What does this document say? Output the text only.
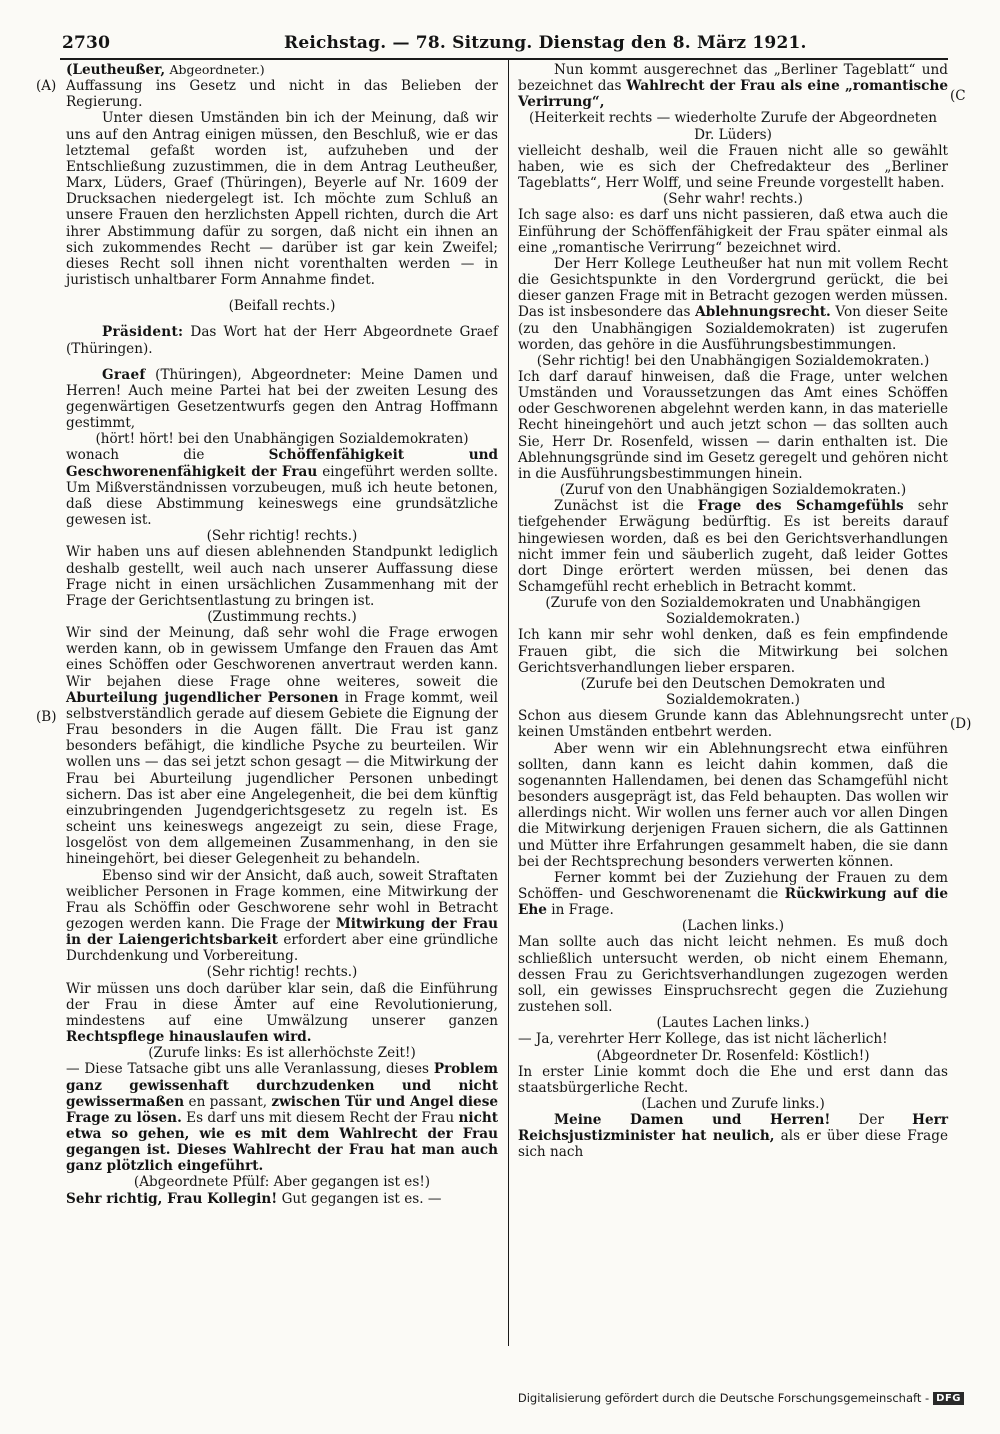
2730	Reichstag. — 78. Sitzung. Dienstag den 8. März 1921.
(A)
(B)
(C
(D)

(Leutheußer, Abgeordneter.)

Auffassung ins Gesetz und nicht in das Belieben der Regierung.

Unter diesen Umständen bin ich der Meinung, daß wir uns auf den Antrag einigen müssen, den Beschluß, wie er das letztemal gefaßt worden ist, aufzuheben und der Entschließung zuzustimmen, die in dem Antrag Leutheußer, Marx, Lüders, Graef (Thüringen), Beyerle auf Nr. 1609 der Drucksachen niedergelegt ist. Ich möchte zum Schluß an unsere Frauen den herzlichsten Appell richten, durch die Art ihrer Abstimmung dafür zu sorgen, daß nicht ein ihnen an sich zukommendes Recht — darüber ist gar kein Zweifel; dieses Recht soll ihnen nicht vorenthalten werden — in juristisch unhaltbarer Form Annahme findet.

(Beifall rechts.)

Präsident: Das Wort hat der Herr Abgeordnete Graef (Thüringen).

Graef (Thüringen), Abgeordneter: Meine Damen und Herren! Auch meine Partei hat bei der zweiten Lesung des gegenwärtigen Gesetzentwurfs gegen den Antrag Hoffmann gestimmt,

(hört! hört! bei den Unabhängigen Sozialdemokraten)

wonach die	Schöffenfähigkeit und Geschworenenfähigkeit der Frau eingeführt werden sollte. Um Mißverständnissen vorzubeugen, muß ich heute betonen, daß diese Abstimmung keineswegs eine grundsätzliche gewesen ist.

(Sehr richtig! rechts.)

Wir haben uns auf diesen ablehnenden Standpunkt lediglich deshalb gestellt, weil auch nach unserer Auffassung diese Frage nicht in einen ursächlichen Zusammenhang mit der Frage der Gerichtsentlastung zu bringen ist.

(Zustimmung rechts.)

Wir sind der Meinung, daß sehr wohl die Frage erwogen werden kann, ob in gewissem Umfange den Frauen das Amt eines Schöffen oder Geschworenen anvertraut werden kann. Wir bejahen diese Frage ohne weiteres, soweit die Aburteilung jugendlicher Personen in Frage kommt, weil selbstverständlich gerade auf diesem Gebiete die Eignung der Frau besonders in die Augen fällt. Die Frau ist ganz besonders befähigt, die kindliche Psyche zu beurteilen. Wir wollen uns — das sei jetzt schon gesagt — die Mitwirkung der Frau bei Aburteilung jugendlicher Personen unbedingt sichern. Das ist aber eine Angelegenheit, die bei dem künftig einzubringenden Jugendgerichtsgesetz zu regeln ist. Es scheint uns keineswegs angezeigt zu sein, diese Frage, losgelöst von dem allgemeinen Zusammenhang, in den sie hineingehört, bei dieser Gelegenheit zu behandeln.

Ebenso sind wir der Ansicht, daß auch, soweit Straftaten weiblicher Personen in Frage kommen, eine Mitwirkung der Frau als Schöffin oder Geschworene sehr wohl in Betracht gezogen werden kann. Die Frage der Mitwirkung der Frau in der Laiengerichtsbarkeit erfordert aber eine gründliche Durchdenkung und Vorbereitung.

(Sehr richtig! rechts.)

Wir müssen uns doch darüber klar sein, daß die Einführung der Frau in diese Ämter auf eine Revolutionierung, mindestens auf eine Umwälzung unserer ganzen Rechtspflege hinauslaufen wird.

(Zurufe links: Es ist allerhöchste Zeit!)

— Diese Tatsache gibt uns alle Veranlassung, dieses Problem ganz gewissenhaft durchzudenken und nicht gewissermaßen en passant, zwischen Tür und Angel diese Frage zu lösen. Es darf uns mit diesem Recht der Frau nicht etwa so gehen, wie es mit dem Wahlrecht der Frau gegangen ist. Dieses Wahlrecht der Frau hat man auch ganz plötzlich eingeführt.

(Abgeordnete Pfülf: Aber gegangen ist es!)

Sehr richtig, Frau Kollegin! Gut gegangen ist es. —

Nun kommt ausgerechnet das „Berliner Tageblatt“ und bezeichnet das Wahlrecht der Frau als eine „romantische Verirrung“,

(Heiterkeit rechts — wiederholte Zurufe der Abgeordneten Dr. Lüders)

vielleicht deshalb, weil die Frauen nicht alle so gewählt haben, wie es sich der Chefredakteur des „Berliner Tageblatts“, Herr Wolff, und seine Freunde vorgestellt haben.

(Sehr wahr! rechts.)

Ich sage also: es darf uns nicht passieren, daß etwa auch die Einführung der Schöffenfähigkeit der Frau später einmal als eine „romantische Verirrung“ bezeichnet wird.

Der Herr Kollege Leutheußer hat nun mit vollem Recht die Gesichtspunkte in den Vordergrund gerückt, die bei dieser ganzen Frage mit in Betracht gezogen werden müssen. Das ist insbesondere das Ablehnungsrecht. Von dieser Seite (zu den Unabhängigen Sozialdemokraten) ist zugerufen worden, das gehöre in die Ausführungsbestimmungen.

(Sehr richtig! bei den Unabhängigen Sozialdemokraten.)

Ich darf darauf hinweisen, daß die Frage, unter welchen Umständen und Voraussetzungen das Amt eines Schöffen oder Geschworenen abgelehnt werden kann, in das materielle Recht hineingehört und auch jetzt schon — das sollten auch Sie, Herr Dr. Rosenfeld, wissen — darin enthalten ist. Die Ablehnungsgründe sind im Gesetz geregelt und gehören nicht in die Ausführungsbestimmungen hinein.

(Zuruf von den Unabhängigen Sozialdemokraten.)

Zunächst ist die Frage des Schamgefühls sehr tiefgehender Erwägung bedürftig. Es ist bereits darauf hingewiesen worden, daß es bei den Gerichtsverhandlungen nicht immer fein und säuberlich zugeht, daß leider Gottes dort Dinge erörtert werden müssen, bei denen das Schamgefühl recht erheblich in Betracht kommt.

(Zurufe von den Sozialdemokraten und Unabhängigen Sozialdemokraten.)

Ich kann mir sehr wohl denken, daß es fein empfindende Frauen gibt, die sich die Mitwirkung bei solchen Gerichtsverhandlungen lieber ersparen.

(Zurufe bei den Deutschen Demokraten und Sozialdemokraten.)

Schon aus diesem Grunde kann das Ablehnungsrecht unter keinen Umständen entbehrt werden.

Aber wenn wir ein Ablehnungsrecht etwa einführen sollten, dann kann es leicht dahin kommen, daß die sogenannten Hallendamen, bei denen das Schamgefühl nicht besonders ausgeprägt ist, das Feld behaupten. Das wollen wir allerdings nicht. Wir wollen uns ferner auch vor allen Dingen die Mitwirkung derjenigen Frauen sichern, die als Gattinnen und Mütter ihre Erfahrungen gesammelt haben, die sie dann bei der Rechtsprechung besonders verwerten können.

Ferner kommt bei der Zuziehung der Frauen zu dem Schöffen- und Geschworenenamt die Rückwirkung auf die Ehe in Frage.

(Lachen links.)

Man sollte auch das nicht leicht nehmen. Es muß doch schließlich untersucht werden, ob nicht einem Ehemann, dessen Frau zu Gerichtsverhandlungen zugezogen werden soll, ein gewisses Einspruchsrecht gegen die Zuziehung zustehen soll.

(Lautes Lachen links.)

— Ja, verehrter Herr Kollege, das ist nicht lächerlich!

(Abgeordneter Dr. Rosenfeld: Köstlich!)

In erster Linie kommt doch die Ehe und erst dann das staatsbürgerliche Recht.

(Lachen und Zurufe links.)

Meine Damen und Herren! Der Herr Reichsjustizminister hat neulich, als er über diese Frage sich nach

Digitalisierung gefördert durch die Deutsche Forschungsgemeinschaft - DFG
